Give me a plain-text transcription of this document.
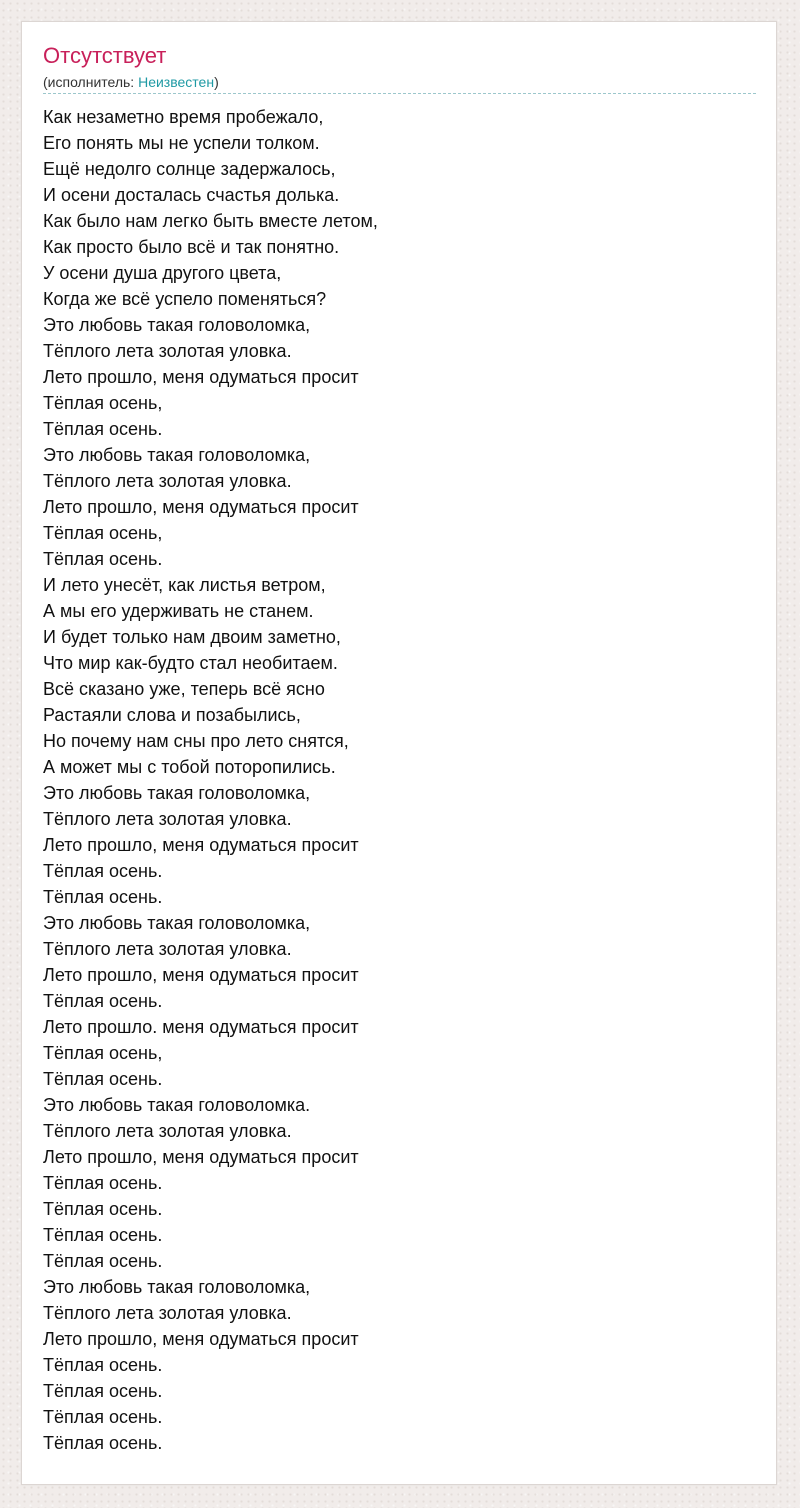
Отсутствует
(исполнитель: Неизвестен)
Как незаметно время пробежало,
Его понять мы не успели толком.
Ещё недолго солнце задержалось,
И осени досталась счастья долька.
Как было нам легко быть вместе летом,
Как просто было всё и так понятно.
У осени душа другого цвета,
Когда же всё успело поменяться?
Это любовь такая головоломка,
Тёплого лета золотая уловка.
Лето прошло, меня одуматься просит
Тёплая осень,
Тёплая осень.
Это любовь такая головоломка,
Тёплого лета золотая уловка.
Лето прошло, меня одуматься просит
Тёплая осень,
Тёплая осень.
И лето унесёт, как листья ветром,
А мы его удерживать не станем.
И будет только нам двоим заметно,
Что мир как-будто стал необитаем.
Всё сказано уже, теперь всё ясно
Растаяли слова и позабылись,
Но почему нам сны про лето снятся,
А может мы с тобой поторопились.
Это любовь такая головоломка,
Тёплого лета золотая уловка.
Лето прошло, меня одуматься просит
Тёплая осень.
Тёплая осень.
Это любовь такая головоломка,
Тёплого лета золотая уловка.
Лето прошло, меня одуматься просит
Тёплая осень.
Лето прошло. меня одуматься просит
Тёплая осень,
Тёплая осень.
Это любовь такая головоломка.
Тёплого лета золотая уловка.
Лето прошло, меня одуматься просит
Тёплая осень.
Тёплая осень.
Тёплая осень.
Тёплая осень.
Это любовь такая головоломка,
Тёплого лета золотая уловка.
Лето прошло, меня одуматься просит
Тёплая осень.
Тёплая осень.
Тёплая осень.
Тёплая осень.
